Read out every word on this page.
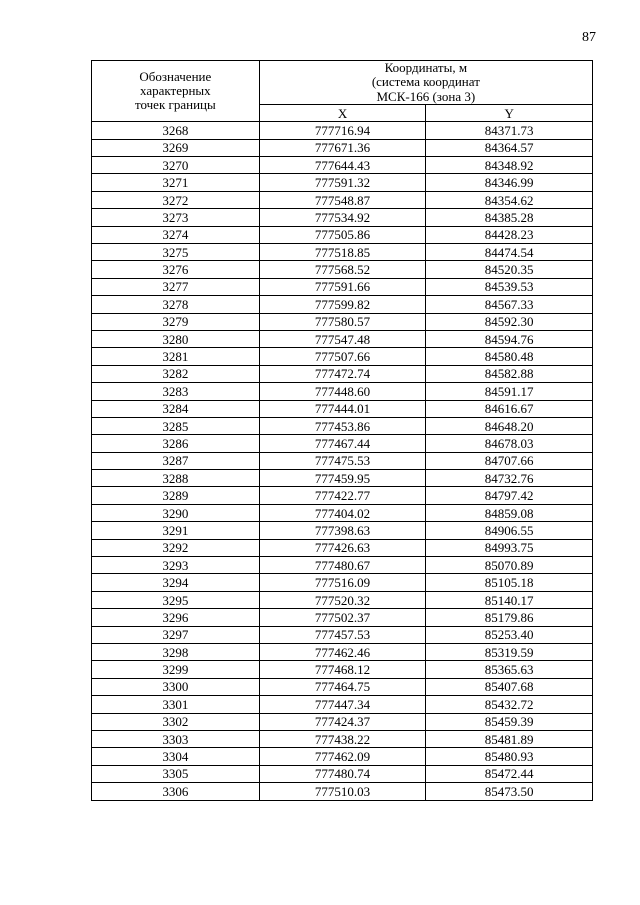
87
Обозначение
характерных
точек границы	Координаты, м
(система координат
МСК-166 (зона 3)	

	X	Y
3268	777716.94	84371.73
3269	777671.36	84364.57
3270	777644.43	84348.92
3271	777591.32	84346.99
3272	777548.87	84354.62
3273	777534.92	84385.28
3274	777505.86	84428.23
3275	777518.85	84474.54
3276	777568.52	84520.35
3277	777591.66	84539.53
3278	777599.82	84567.33
3279	777580.57	84592.30
3280	777547.48	84594.76
3281	777507.66	84580.48
3282	777472.74	84582.88
3283	777448.60	84591.17
3284	777444.01	84616.67
3285	777453.86	84648.20
3286	777467.44	84678.03
3287	777475.53	84707.66
3288	777459.95	84732.76
3289	777422.77	84797.42
3290	777404.02	84859.08
3291	777398.63	84906.55
3292	777426.63	84993.75
3293	777480.67	85070.89
3294	777516.09	85105.18
3295	777520.32	85140.17
3296	777502.37	85179.86
3297	777457.53	85253.40
3298	777462.46	85319.59
3299	777468.12	85365.63
3300	777464.75	85407.68
3301	777447.34	85432.72
3302	777424.37	85459.39
3303	777438.22	85481.89
3304	777462.09	85480.93
3305	777480.74	85472.44
3306	777510.03	85473.50
